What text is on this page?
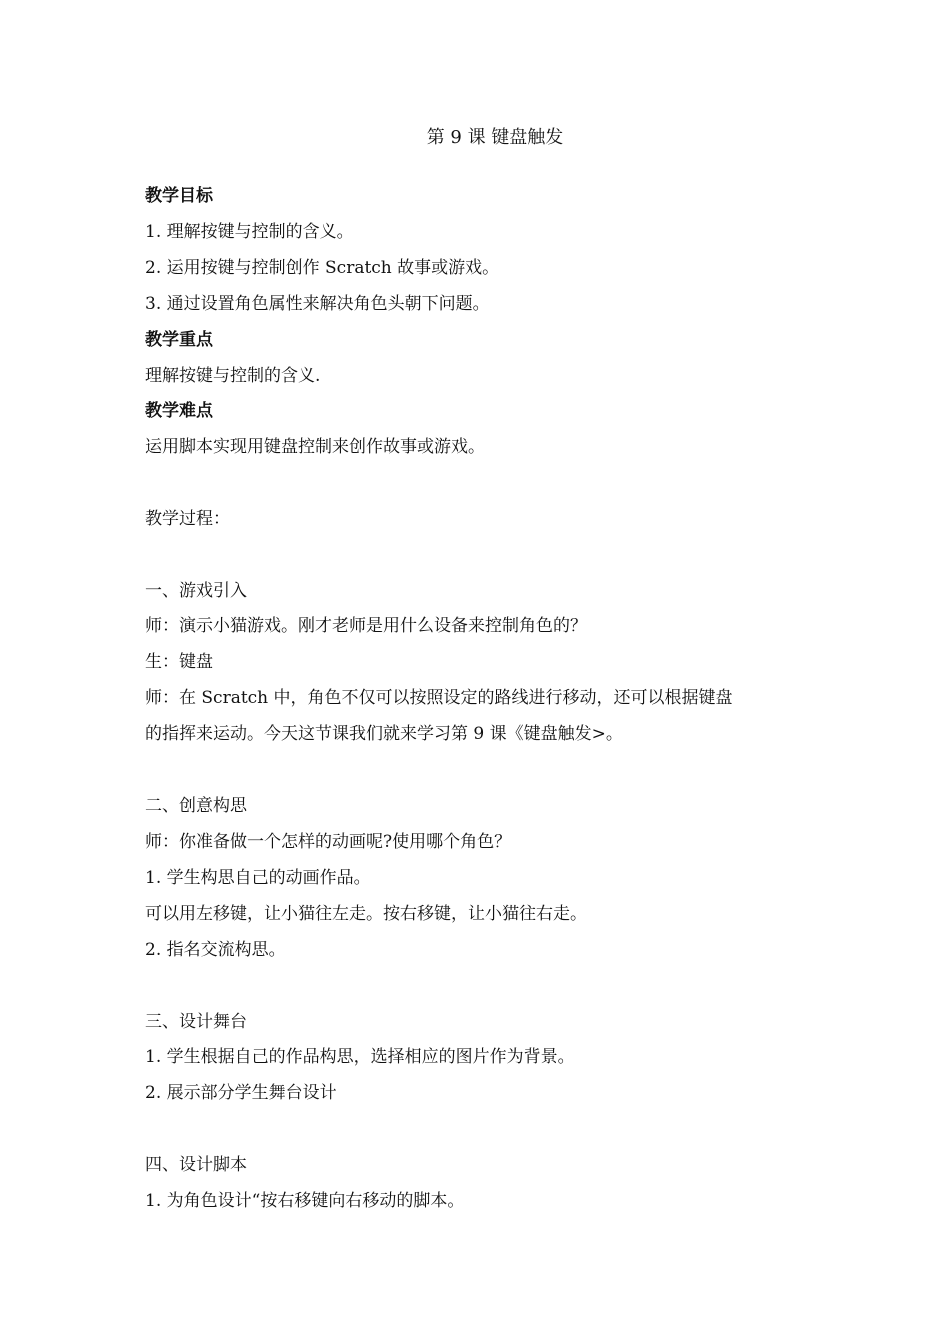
第 9 课 键盘触发
教学目标
1. 理解按键与控制的含义。
2. 运用按键与控制创作 Scratch 故事或游戏。
3. 通过设置角色属性来解决角色头朝下问题。
教学重点
理解按键与控制的含义.
教学难点
运用脚本实现用键盘控制来创作故事或游戏。
教学过程：
一、游戏引入
师：演示小猫游戏。刚才老师是用什么设备来控制角色的？
生：键盘
师：在 Scratch 中，角色不仅可以按照设定的路线进行移动，还可以根据键盘
的指挥来运动。今天这节课我们就来学习第 9 课《键盘触发>。
二、创意构思
师：你准备做一个怎样的动画呢?使用哪个角色？
1. 学生构思自己的动画作品。
可以用左移键，让小猫往左走。按右移键，让小猫往右走。
2. 指名交流构思。
三、设计舞台
1. 学生根据自己的作品构思，选择相应的图片作为背景。
2. 展示部分学生舞台设计
四、设计脚本
1. 为角色设计“按右移键向右移动的脚本。
